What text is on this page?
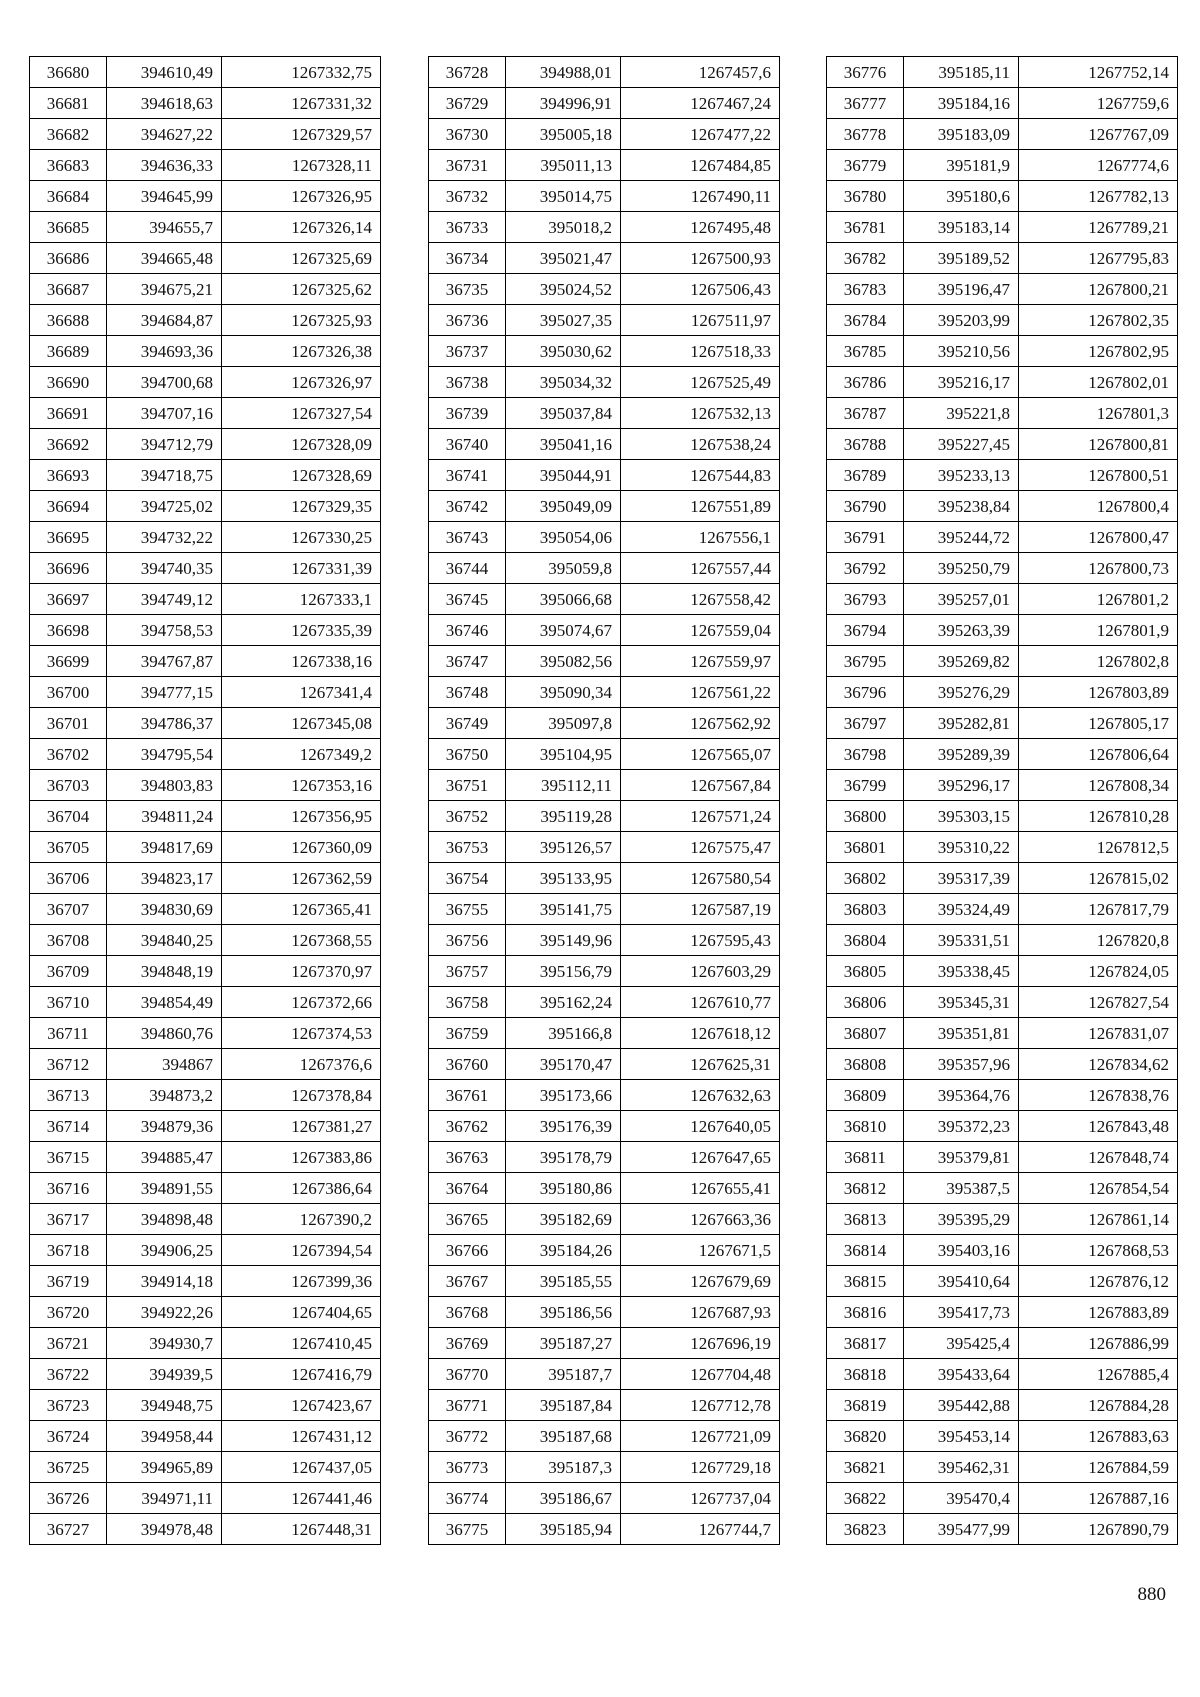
36680	394610,49	1267332,75
36681	394618,63	1267331,32
36682	394627,22	1267329,57
36683	394636,33	1267328,11
36684	394645,99	1267326,95
36685	394655,7	1267326,14
36686	394665,48	1267325,69
36687	394675,21	1267325,62
36688	394684,87	1267325,93
36689	394693,36	1267326,38
36690	394700,68	1267326,97
36691	394707,16	1267327,54
36692	394712,79	1267328,09
36693	394718,75	1267328,69
36694	394725,02	1267329,35
36695	394732,22	1267330,25
36696	394740,35	1267331,39
36697	394749,12	1267333,1
36698	394758,53	1267335,39
36699	394767,87	1267338,16
36700	394777,15	1267341,4
36701	394786,37	1267345,08
36702	394795,54	1267349,2
36703	394803,83	1267353,16
36704	394811,24	1267356,95
36705	394817,69	1267360,09
36706	394823,17	1267362,59
36707	394830,69	1267365,41
36708	394840,25	1267368,55
36709	394848,19	1267370,97
36710	394854,49	1267372,66
36711	394860,76	1267374,53
36712	394867	1267376,6
36713	394873,2	1267378,84
36714	394879,36	1267381,27
36715	394885,47	1267383,86
36716	394891,55	1267386,64
36717	394898,48	1267390,2
36718	394906,25	1267394,54
36719	394914,18	1267399,36
36720	394922,26	1267404,65
36721	394930,7	1267410,45
36722	394939,5	1267416,79
36723	394948,75	1267423,67
36724	394958,44	1267431,12
36725	394965,89	1267437,05
36726	394971,11	1267441,46
36727	394978,48	1267448,31
36728	394988,01	1267457,6
36729	394996,91	1267467,24
36730	395005,18	1267477,22
36731	395011,13	1267484,85
36732	395014,75	1267490,11
36733	395018,2	1267495,48
36734	395021,47	1267500,93
36735	395024,52	1267506,43
36736	395027,35	1267511,97
36737	395030,62	1267518,33
36738	395034,32	1267525,49
36739	395037,84	1267532,13
36740	395041,16	1267538,24
36741	395044,91	1267544,83
36742	395049,09	1267551,89
36743	395054,06	1267556,1
36744	395059,8	1267557,44
36745	395066,68	1267558,42
36746	395074,67	1267559,04
36747	395082,56	1267559,97
36748	395090,34	1267561,22
36749	395097,8	1267562,92
36750	395104,95	1267565,07
36751	395112,11	1267567,84
36752	395119,28	1267571,24
36753	395126,57	1267575,47
36754	395133,95	1267580,54
36755	395141,75	1267587,19
36756	395149,96	1267595,43
36757	395156,79	1267603,29
36758	395162,24	1267610,77
36759	395166,8	1267618,12
36760	395170,47	1267625,31
36761	395173,66	1267632,63
36762	395176,39	1267640,05
36763	395178,79	1267647,65
36764	395180,86	1267655,41
36765	395182,69	1267663,36
36766	395184,26	1267671,5
36767	395185,55	1267679,69
36768	395186,56	1267687,93
36769	395187,27	1267696,19
36770	395187,7	1267704,48
36771	395187,84	1267712,78
36772	395187,68	1267721,09
36773	395187,3	1267729,18
36774	395186,67	1267737,04
36775	395185,94	1267744,7
36776	395185,11	1267752,14
36777	395184,16	1267759,6
36778	395183,09	1267767,09
36779	395181,9	1267774,6
36780	395180,6	1267782,13
36781	395183,14	1267789,21
36782	395189,52	1267795,83
36783	395196,47	1267800,21
36784	395203,99	1267802,35
36785	395210,56	1267802,95
36786	395216,17	1267802,01
36787	395221,8	1267801,3
36788	395227,45	1267800,81
36789	395233,13	1267800,51
36790	395238,84	1267800,4
36791	395244,72	1267800,47
36792	395250,79	1267800,73
36793	395257,01	1267801,2
36794	395263,39	1267801,9
36795	395269,82	1267802,8
36796	395276,29	1267803,89
36797	395282,81	1267805,17
36798	395289,39	1267806,64
36799	395296,17	1267808,34
36800	395303,15	1267810,28
36801	395310,22	1267812,5
36802	395317,39	1267815,02
36803	395324,49	1267817,79
36804	395331,51	1267820,8
36805	395338,45	1267824,05
36806	395345,31	1267827,54
36807	395351,81	1267831,07
36808	395357,96	1267834,62
36809	395364,76	1267838,76
36810	395372,23	1267843,48
36811	395379,81	1267848,74
36812	395387,5	1267854,54
36813	395395,29	1267861,14
36814	395403,16	1267868,53
36815	395410,64	1267876,12
36816	395417,73	1267883,89
36817	395425,4	1267886,99
36818	395433,64	1267885,4
36819	395442,88	1267884,28
36820	395453,14	1267883,63
36821	395462,31	1267884,59
36822	395470,4	1267887,16
36823	395477,99	1267890,79
880
